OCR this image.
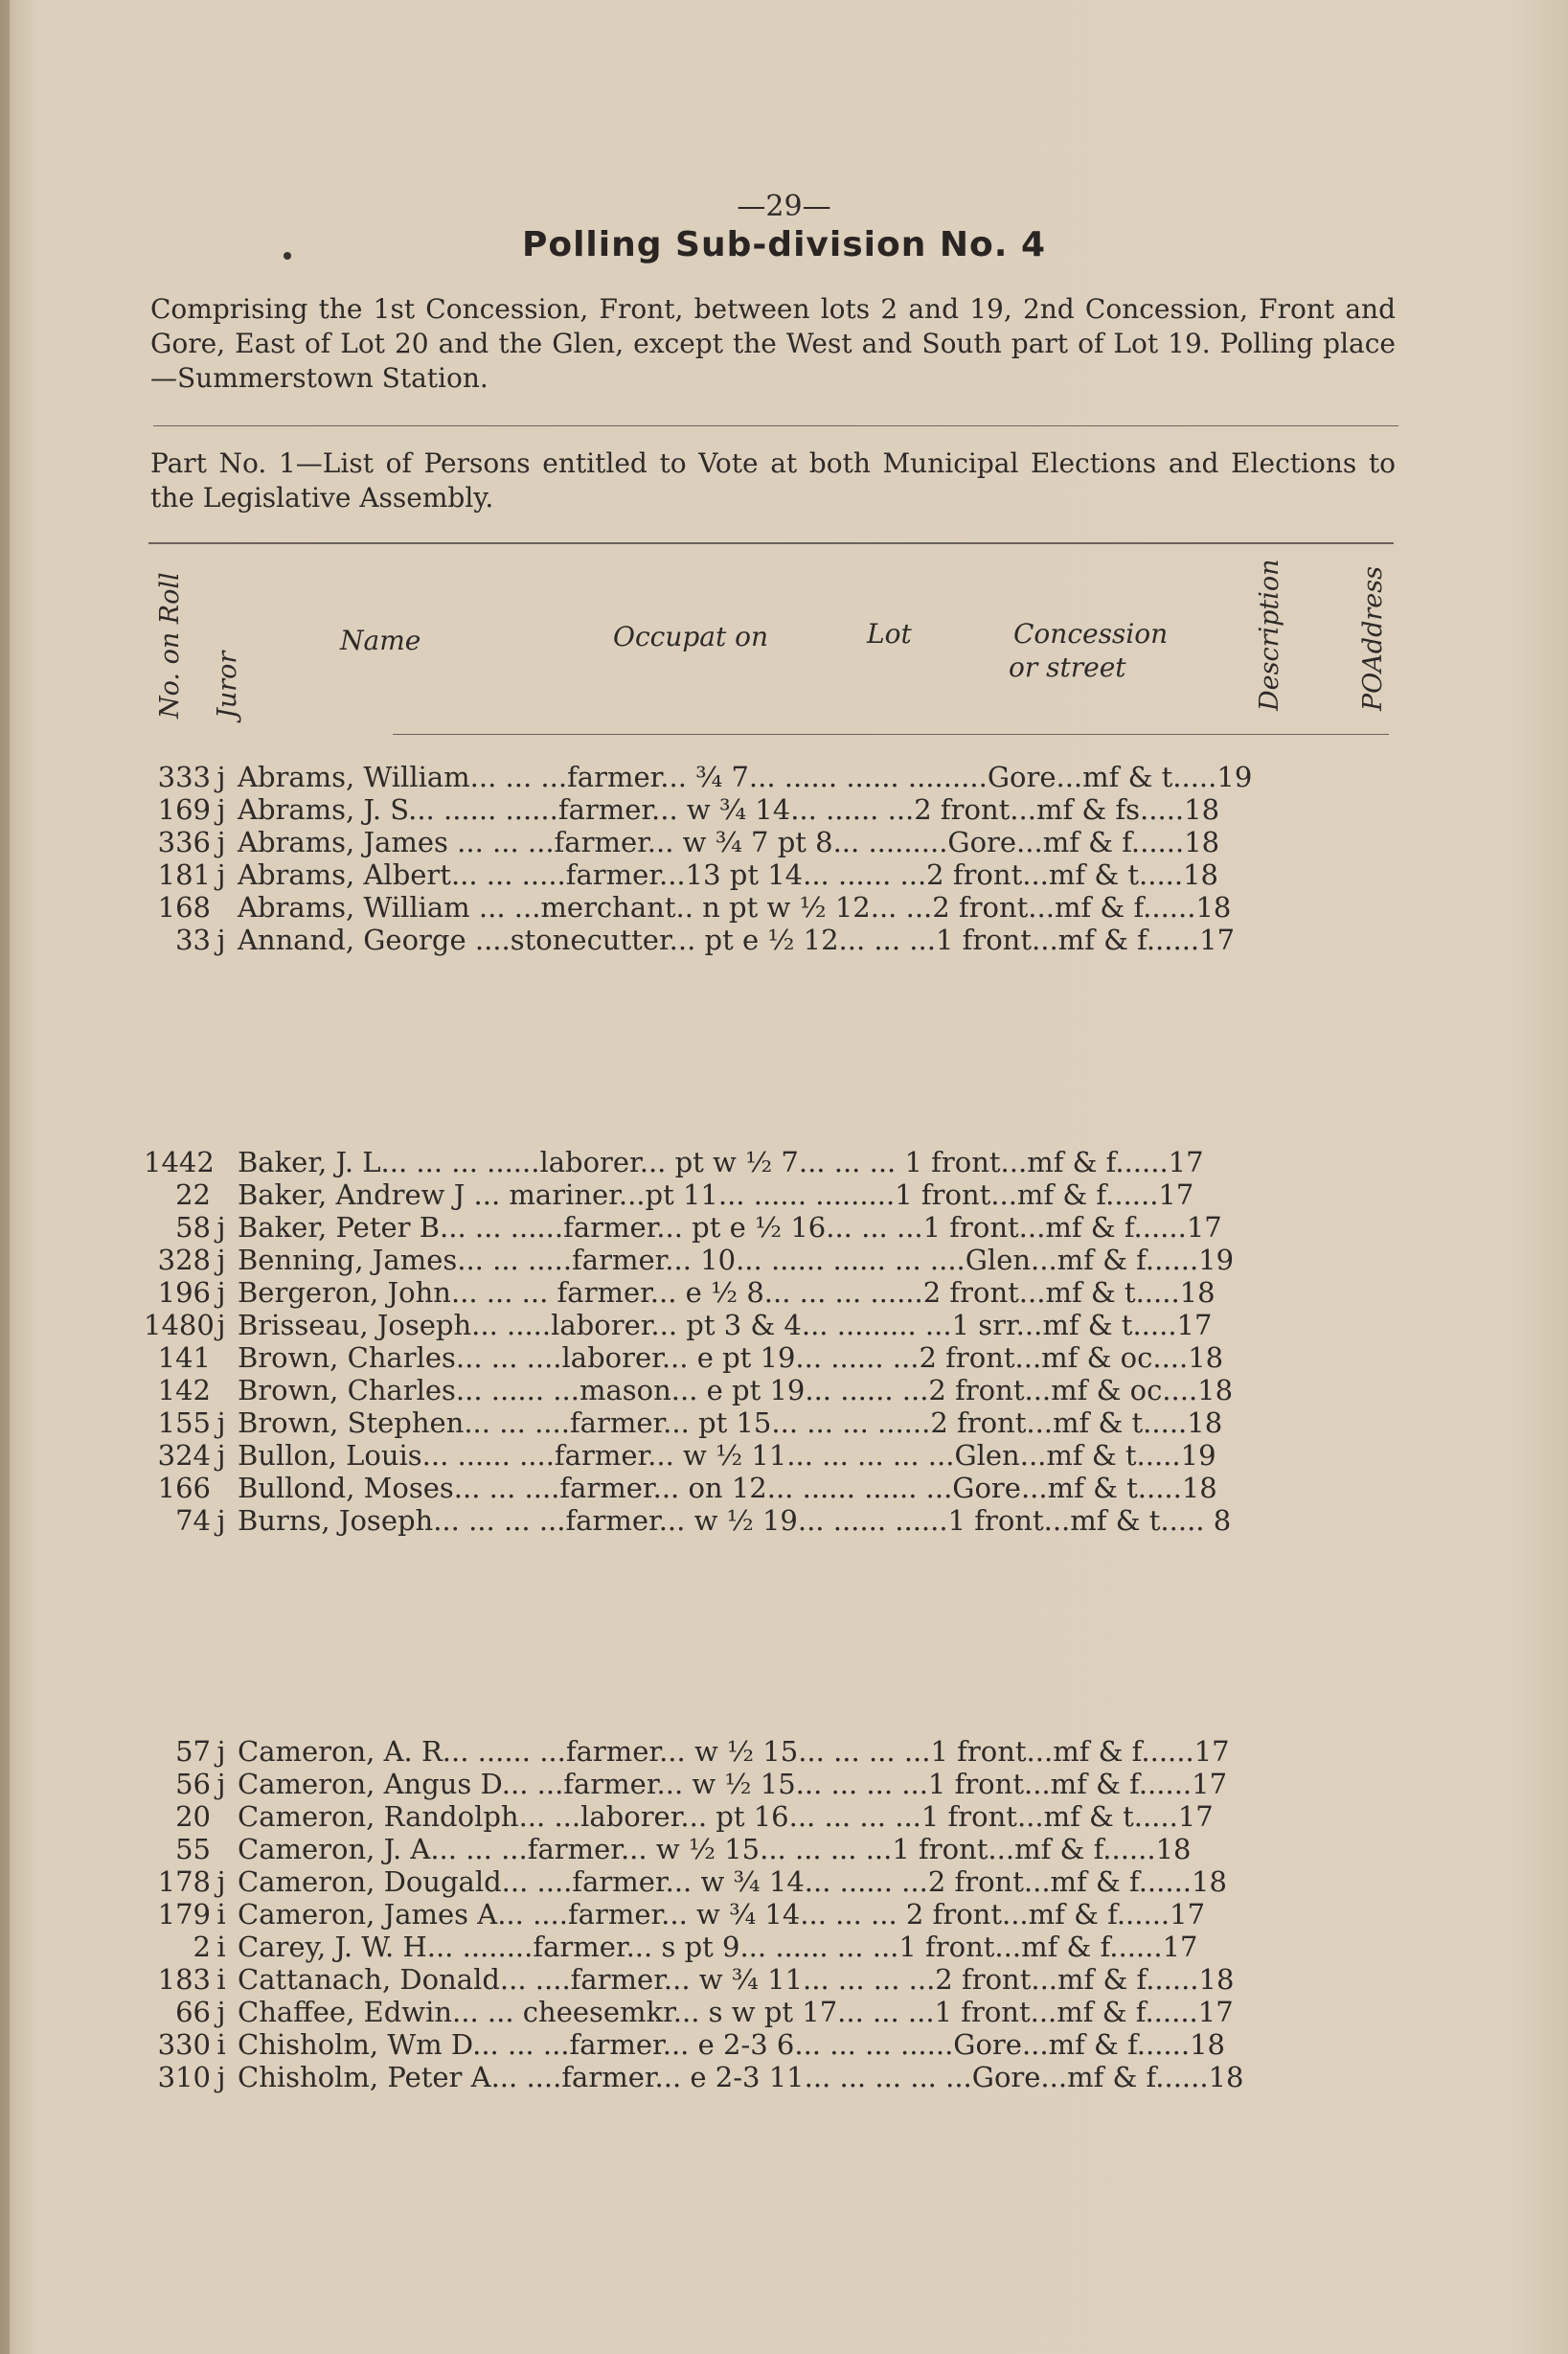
—29—
Polling Sub-division No. 4
Comprising the 1st Concession, Front, between lots 2 and 19, 2nd Concession, Front and Gore, East of Lot 20 and the Glen, except the West and South part of Lot 19. Polling place—Summerstown Station.
Part No. 1—List of Persons entitled to Vote at both Municipal Elections and Elections to the Legislative Assembly.
No. on Roll Juror
Name	Occupat on	Lot	Concession
or street	Description	POAddress
333 j Abrams, William... ... ...farmer... ¾ 7... ...... ...... .........Gore...mf & t.....19
169 j Abrams, J. S... ...... ......farmer... w ¾ 14... ...... ...2 front...mf & fs.....18
336 j Abrams, James ... ... ...farmer... w ¾ 7 pt 8... .........Gore...mf & f......18
181 j Abrams, Albert... ... .....farmer...13 pt 14... ...... ...2 front...mf & t.....18
168 Abrams, William ... ...merchant.. n pt w ½ 12... ...2 front...mf & f......18
33 j Annand, George ....stonecutter... pt e ½ 12... ... ...1 front...mf & f......17
1442 Baker, J. L... ... ... ......laborer... pt w ½ 7... ... ... 1 front...mf & f......17
22 Baker, Andrew J ... mariner...pt 11... ...... .........1 front...mf & f......17
58 j Baker, Peter B... ... ......farmer... pt e ½ 16... ... ...1 front...mf & f......17
328 j Benning, James... ... .....farmer... 10... ...... ...... ... ....Glen...mf & f......19
196 j Bergeron, John... ... ... farmer... e ½ 8... ... ... ......2 front...mf & t.....18
1480 j Brisseau, Joseph... .....laborer... pt 3 & 4... ......... ...1 srr...mf & t.....17
141 Brown, Charles... ... ....laborer... e pt 19... ...... ...2 front...mf & oc....18
142 Brown, Charles... ...... ...mason... e pt 19... ...... ...2 front...mf & oc....18
155 j Brown, Stephen... ... ....farmer... pt 15... ... ... ......2 front...mf & t.....18
324 j Bullon, Louis... ...... ....farmer... w ½ 11... ... ... ... ...Glen...mf & t.....19
166 Bullond, Moses... ... ....farmer... on 12... ...... ...... ...Gore...mf & t.....18
74 j Burns, Joseph... ... ... ...farmer... w ½ 19... ...... ......1 front...mf & t..... 8
57 j Cameron, A. R... ...... ...farmer... w ½ 15... ... ... ...1 front...mf & f......17
56 j Cameron, Angus D... ...farmer... w ½ 15... ... ... ...1 front...mf & f......17
20 Cameron, Randolph... ...laborer... pt 16... ... ... ...1 front...mf & t.....17
55 Cameron, J. A... ... ...farmer... w ½ 15... ... ... ...1 front...mf & f......18
178 j Cameron, Dougald... ....farmer... w ¾ 14... ...... ...2 front...mf & f......18
179 i Cameron, James A... ....farmer... w ¾ 14... ... ... 2 front...mf & f......17
2 i Carey, J. W. H... ........farmer... s pt 9... ...... ... ...1 front...mf & f......17
183 i Cattanach, Donald... ....farmer... w ¾ 11... ... ... ...2 front...mf & f......18
66 j Chaffee, Edwin... ... cheesemkr... s w pt 17... ... ...1 front...mf & f......17
330 i Chisholm, Wm D... ... ...farmer... e 2-3 6... ... ... ......Gore...mf & f......18
310 j Chisholm, Peter A... ....farmer... e 2-3 11... ... ... ... ...Gore...mf & f......18
